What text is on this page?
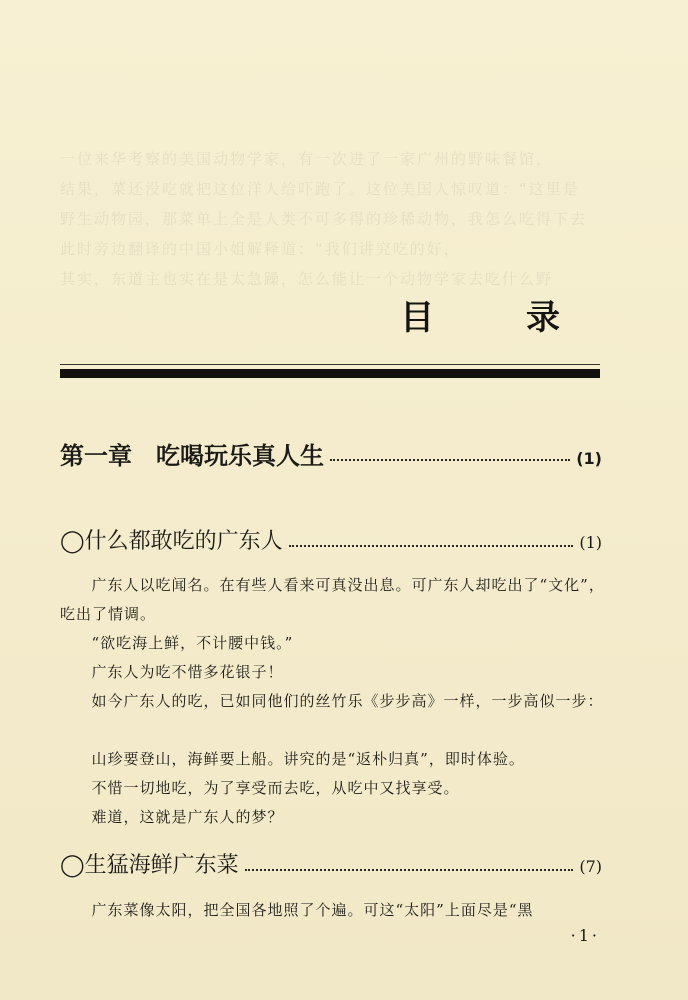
一位来华考察的美国动物学家，有一次进了一家广州的野味餐馆，
结果，菜还没吃就把这位洋人给吓跑了。这位美国人惊叹道：“这里是
野生动物园，那菜单上全是人类不可多得的珍稀动物，我怎么吃得下去
此时旁边翻译的中国小姐解释道：“我们讲究吃的好，
其实，东道主也实在是太急躁，怎么能让一个动物学家去吃什么野
目 录
第一章　吃喝玩乐真人生	(1)
◯什么都敢吃的广东人	(1)

广东人以吃闻名。在有些人看来可真没出息。可广东人却吃出了“文化”，吃出了情调。

“欲吃海上鲜，不计腰中钱。”

广东人为吃不惜多花银子！

如今广东人的吃，已如同他们的丝竹乐《步步高》一样，一步高似一步：

山珍要登山，海鲜要上船。讲究的是“返朴归真”，即时体验。

不惜一切地吃，为了享受而去吃，从吃中又找享受。

难道，这就是广东人的梦？

◯生猛海鲜广东菜	(7)

广东菜像太阳，把全国各地照了个遍。可这“太阳”上面尽是“黑

·1·
